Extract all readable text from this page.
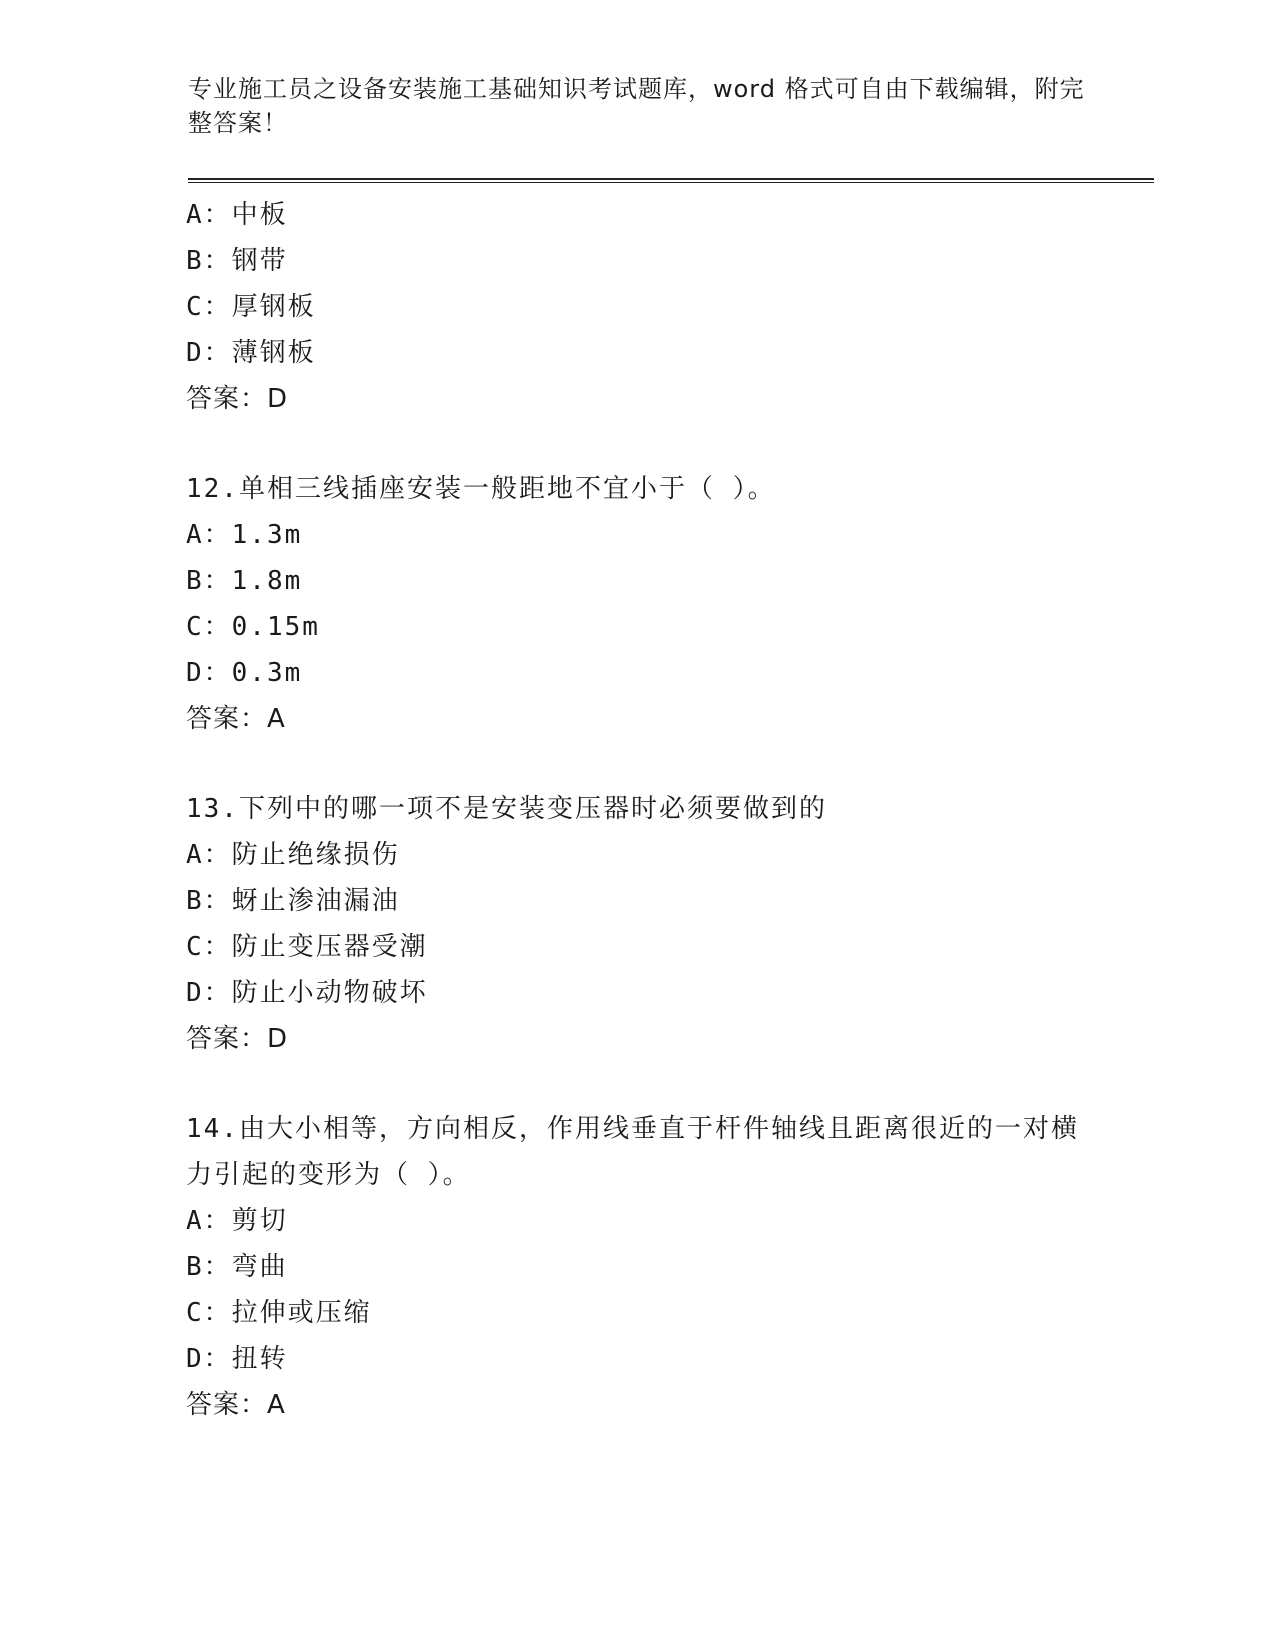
专业施工员之设备安装施工基础知识考试题库，word 格式可自由下载编辑，附完整答案！
A：中板
B：钢带
C：厚钢板
D：薄钢板
答案：D
12.单相三线插座安装一般距地不宜小于（ ）。
A：1.3m
B：1.8m
C：0.15m
D：0.3m
答案：A
13.下列中的哪一项不是安装变压器时必须要做到的
A：防止绝缘损伤
B：蚜止渗油漏油
C：防止变压器受潮
D：防止小动物破坏
答案：D
14.由大小相等，方向相反，作用线垂直于杆件轴线且距离很近的一对横力引起的变形为（ ）。
A：剪切
B：弯曲
C：拉伸或压缩
D：扭转
答案：A
